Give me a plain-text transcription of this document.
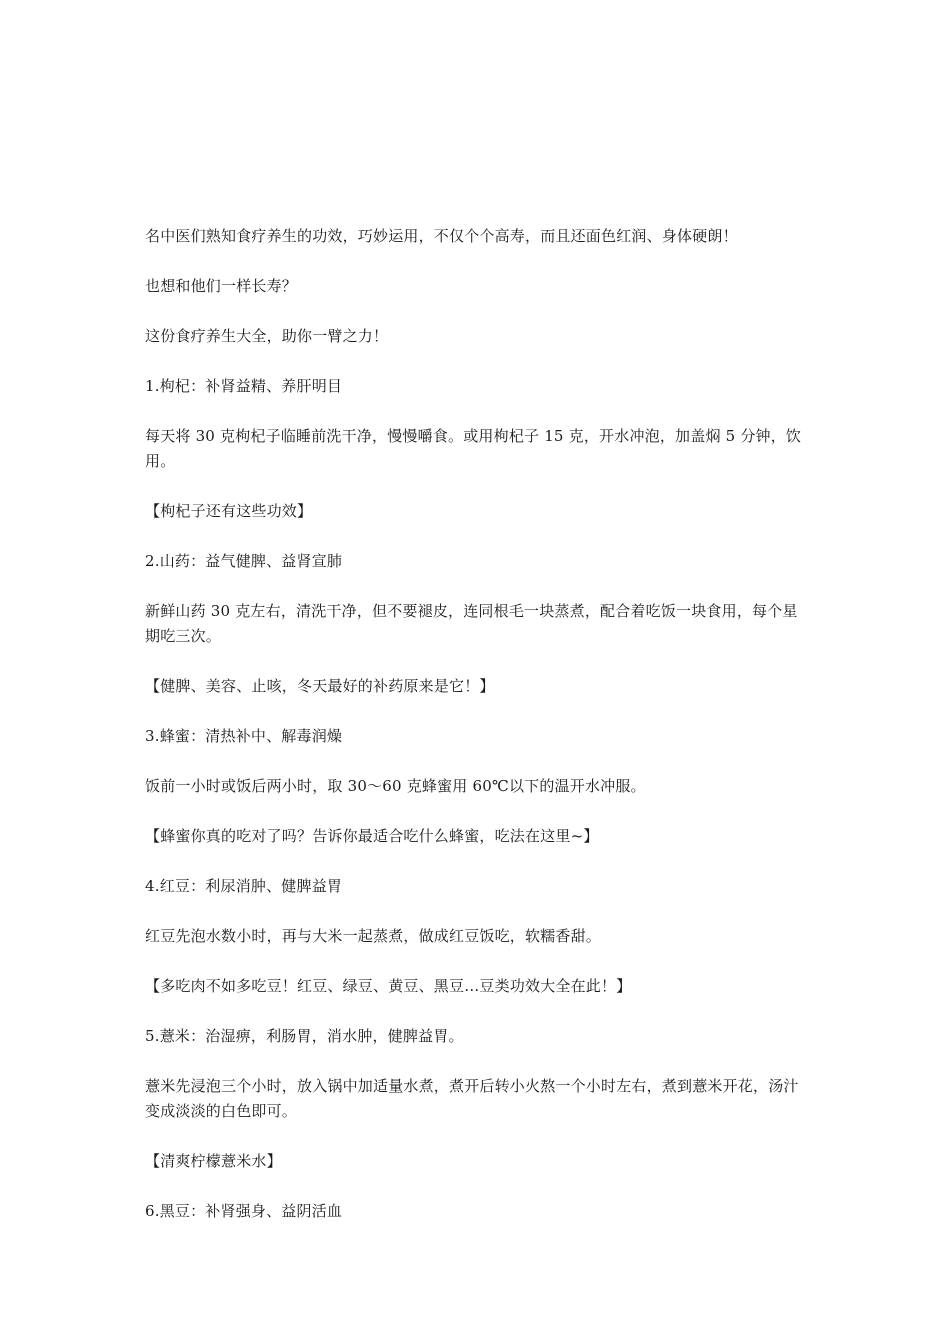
名中医们熟知食疗养生的功效，巧妙运用，不仅个个高寿，而且还面色红润、身体硬朗！

也想和他们一样长寿？

这份食疗养生大全，助你一臂之力！

1.枸杞：补肾益精、养肝明目

每天将 30 克枸杞子临睡前洗干净，慢慢嚼食。或用枸杞子 15 克，开水冲泡，加盖焖 5 分钟，饮用。

【枸杞子还有这些功效】

2.山药：益气健脾、益肾宣肺

新鲜山药 30 克左右，清洗干净，但不要褪皮，连同根毛一块蒸煮，配合着吃饭一块食用，每个星期吃三次。

【健脾、美容、止咳，冬天最好的补药原来是它！】

3.蜂蜜：清热补中、解毒润燥

饭前一小时或饭后两小时，取 30～60 克蜂蜜用 60℃以下的温开水冲服。

【蜂蜜你真的吃对了吗？告诉你最适合吃什么蜂蜜，吃法在这里~】

4.红豆：利尿消肿、健脾益胃

红豆先泡水数小时，再与大米一起蒸煮，做成红豆饭吃，软糯香甜。

【多吃肉不如多吃豆！红豆、绿豆、黄豆、黑豆…豆类功效大全在此！】

5.薏米：治湿痹，利肠胃，消水肿，健脾益胃。

薏米先浸泡三个小时，放入锅中加适量水煮，煮开后转小火熬一个小时左右，煮到薏米开花，汤汁变成淡淡的白色即可。

【清爽柠檬薏米水】

6.黑豆：补肾强身、益阴活血
